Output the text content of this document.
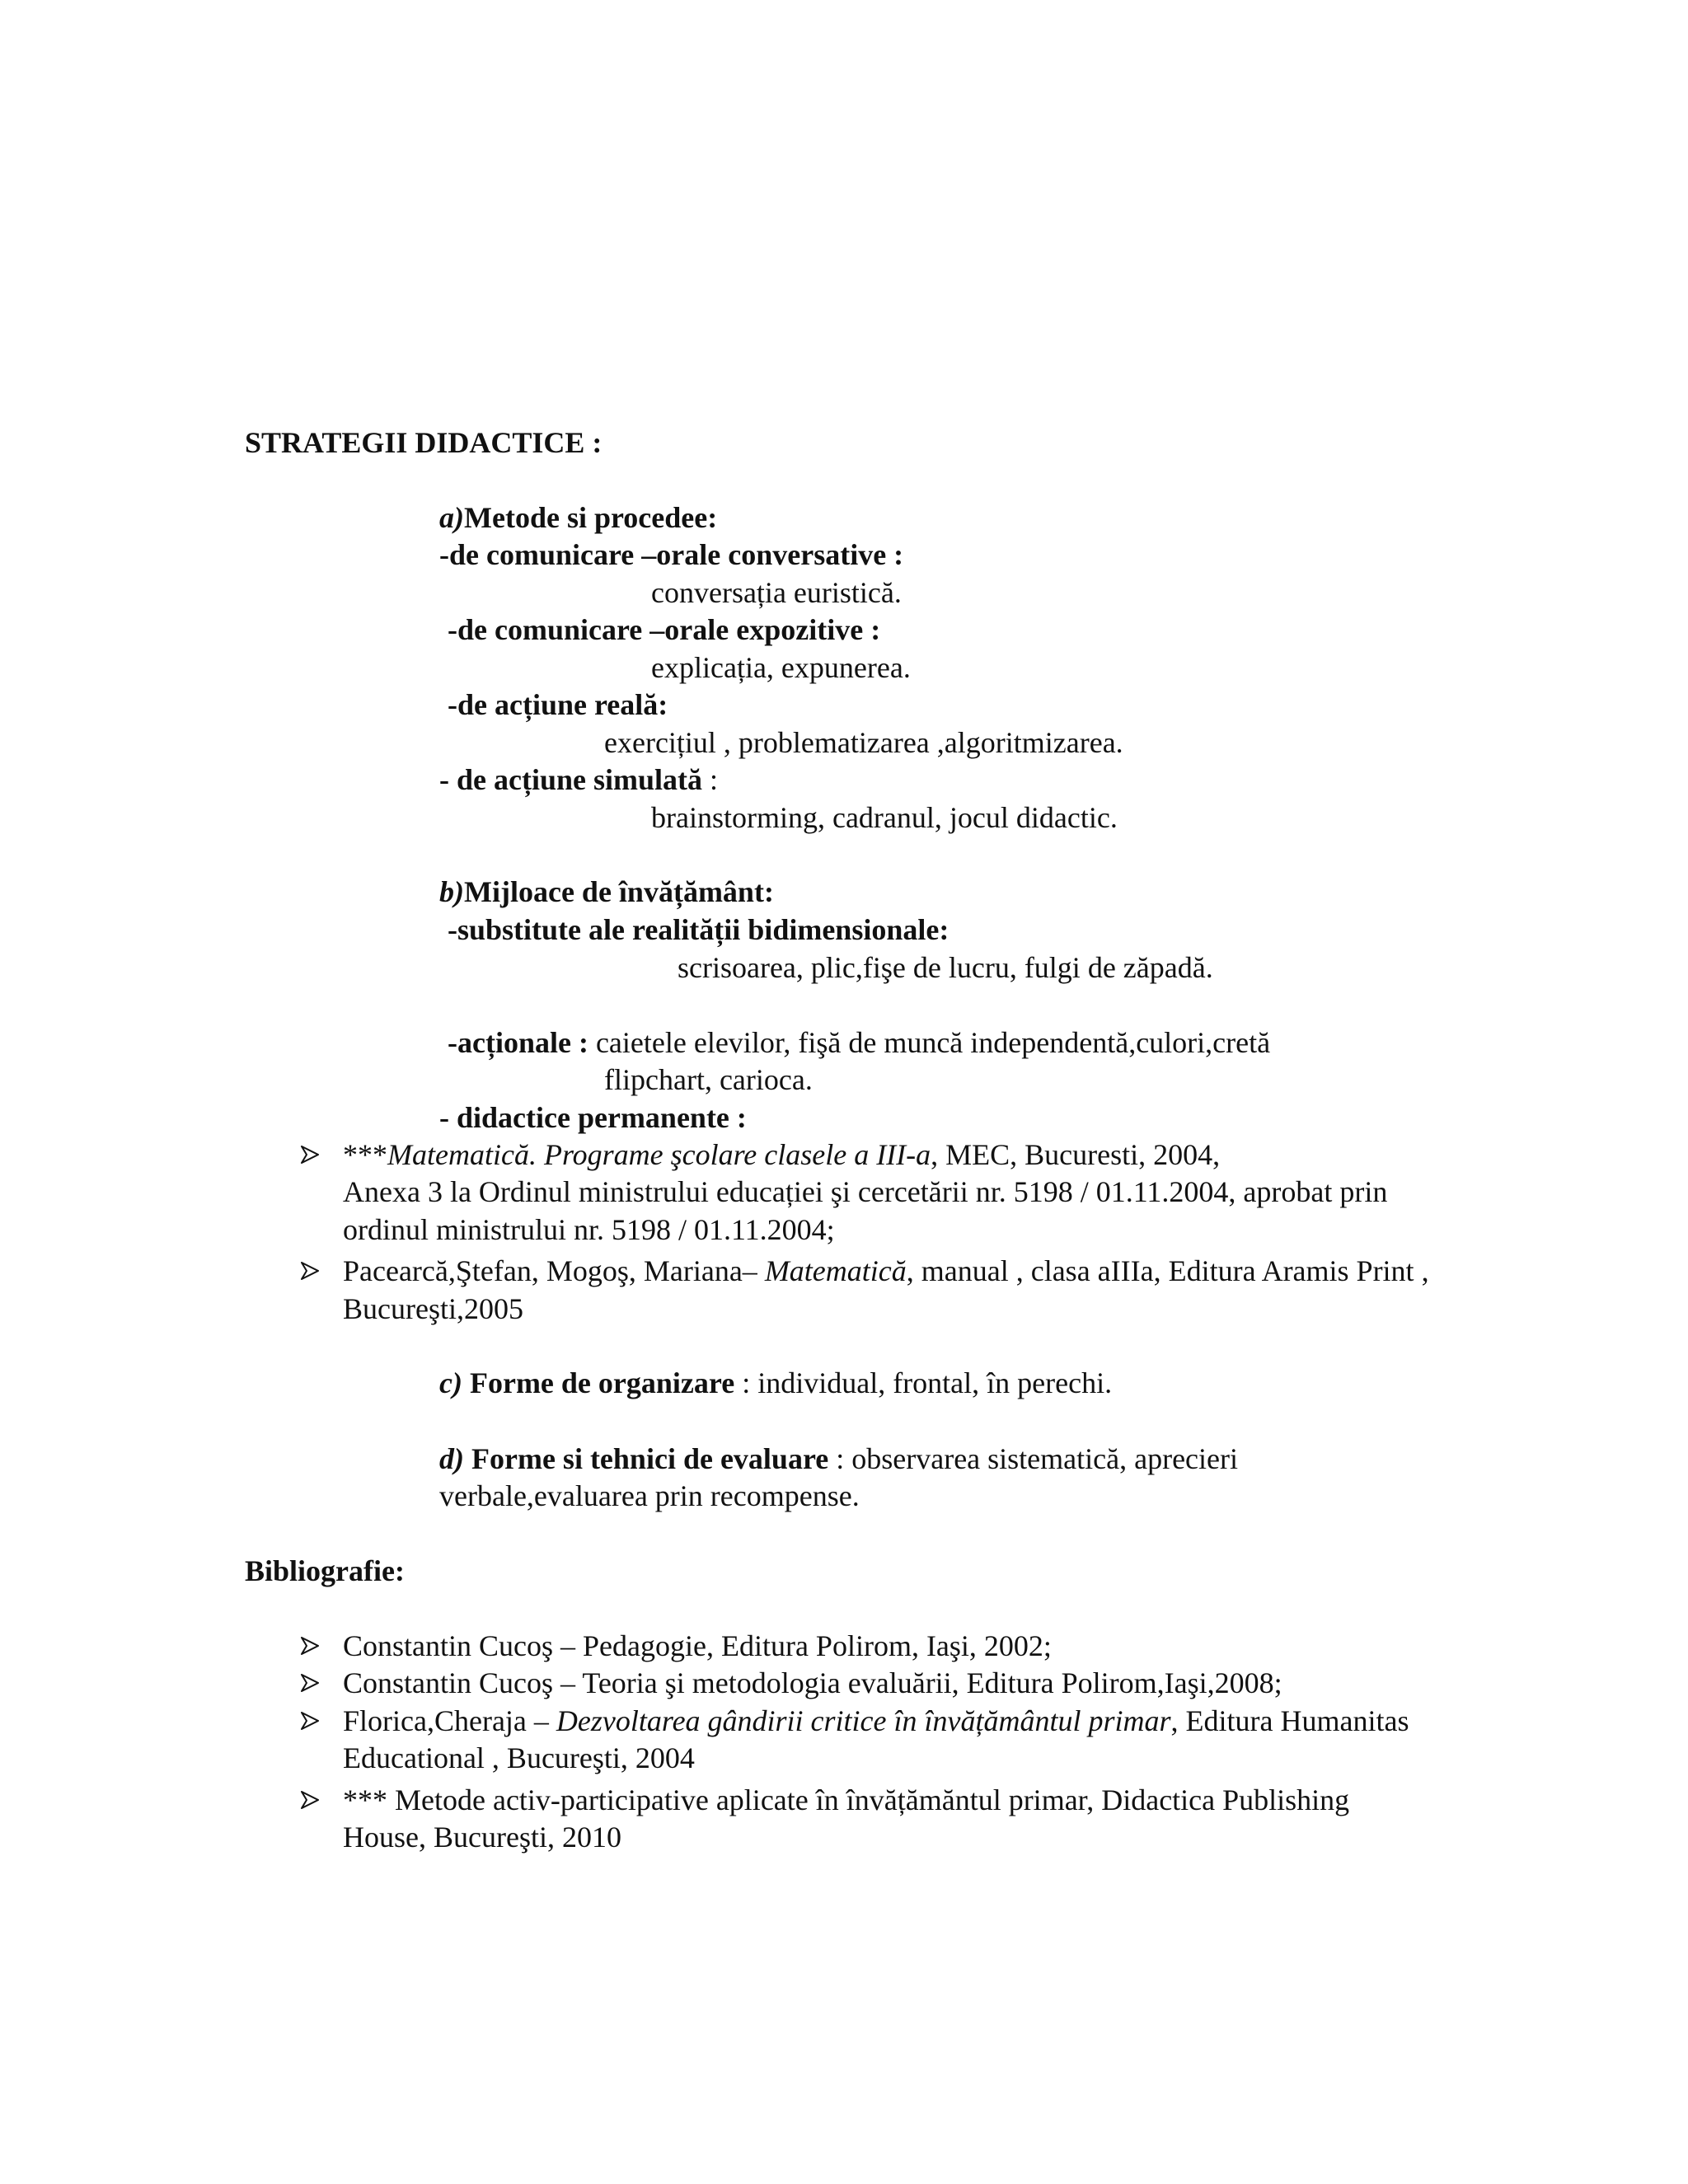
STRATEGII DIDACTICE :
a)Metode si procedee:
-de comunicare –orale conversative :
conversația euristică.
-de comunicare –orale expozitive :
explicația, expunerea.
-de acțiune reală:
exercițiul , problematizarea ,algoritmizarea.
- de acțiune simulată :
brainstorming, cadranul, jocul didactic.
b)Mijloace de învățământ:
-substitute ale realității bidimensionale:
scrisoarea, plic,fişe de lucru, fulgi de zăpadă.
-acționale : caietele elevilor, fişă de muncă independentă,culori,cretă
flipchart, carioca.
- didactice permanente :
***Matematică. Programe şcolare clasele a III-a, MEC, Bucuresti, 2004,
Anexa 3 la Ordinul ministrului educației şi cercetării nr. 5198 / 01.11.2004, aprobat prin
ordinul ministrului nr. 5198 / 01.11.2004;
Pacearcă,Ştefan, Mogoş, Mariana– Matematică, manual , clasa aIIIa, Editura Aramis Print ,
Bucureşti,2005
c) Forme de organizare : individual, frontal, în perechi.
d) Forme si tehnici de evaluare : observarea sistematică, aprecieri
verbale,evaluarea prin recompense.
Bibliografie:
Constantin Cucoş – Pedagogie, Editura Polirom, Iaşi, 2002;
Constantin Cucoş – Teoria şi metodologia evaluării, Editura Polirom,Iaşi,2008;
Florica,Cheraja – Dezvoltarea gândirii critice în învățământul primar, Editura Humanitas
Educational , Bucureşti, 2004
*** Metode activ-participative aplicate în învățămăntul primar, Didactica Publishing
House, Bucureşti, 2010
